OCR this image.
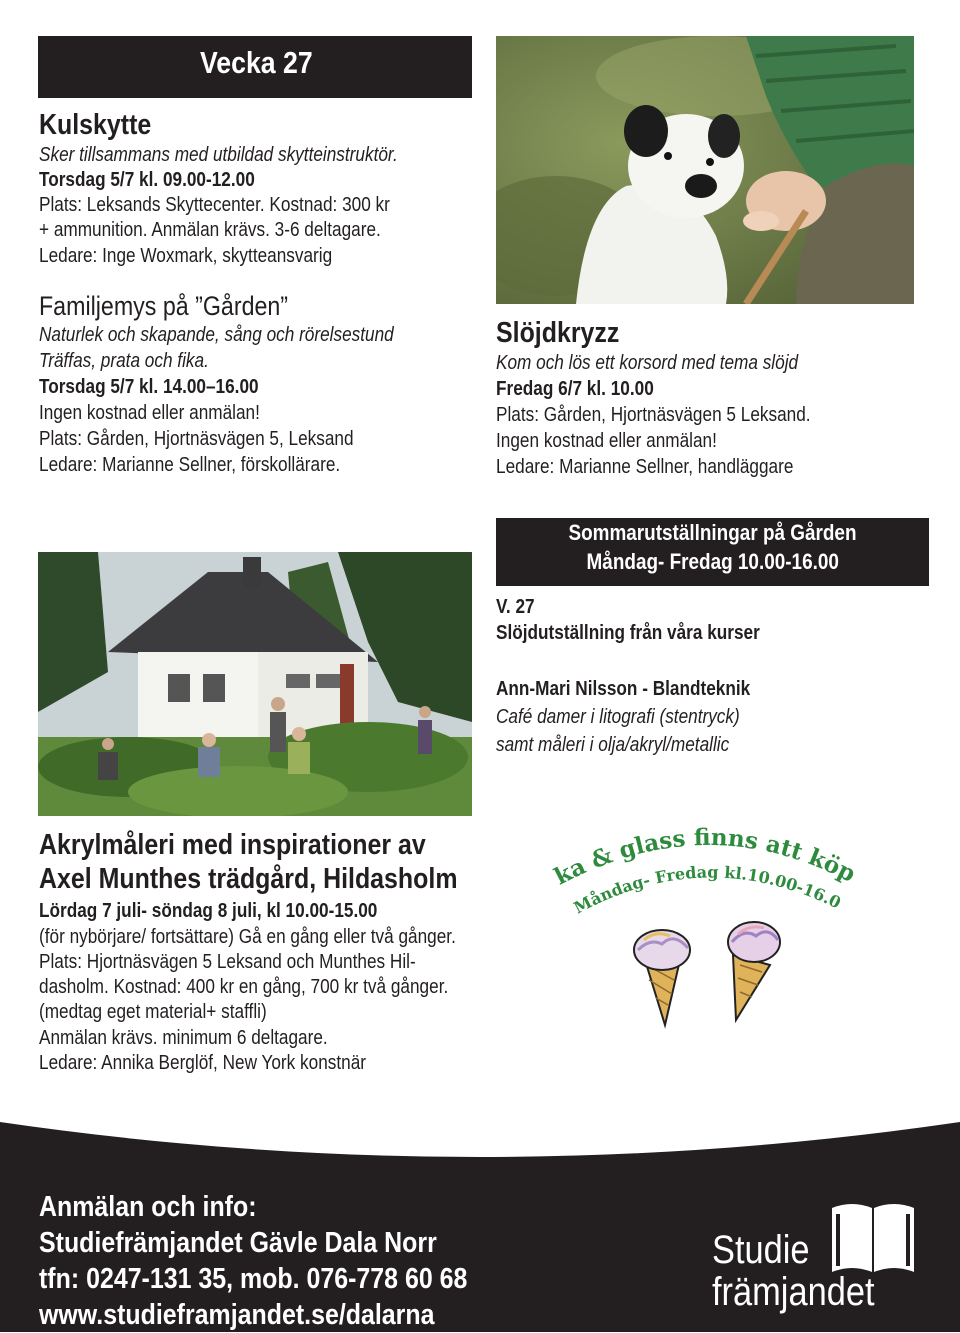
Vecka 27
Kulskytte
Sker tillsammans med utbildad skytteinstruktör.
Torsdag 5/7 kl. 09.00-12.00
Plats: Leksands Skyttecenter. Kostnad: 300 kr
+ ammunition. Anmälan krävs. 3-6 deltagare.
Ledare: Inge Woxmark, skytteansvarig
Familjemys på ”Gården”
Naturlek och skapande, sång och rörelsestund
Träffas, prata och fika.
Torsdag 5/7 kl. 14.00–16.00
Ingen kostnad eller anmälan!
Plats: Gården, Hjortnäsvägen 5, Leksand
Ledare: Marianne Sellner, förskollärare.
Slöjdkryzz
Kom och lös ett korsord med tema slöjd
Fredag 6/7 kl. 10.00
Plats: Gården, Hjortnäsvägen 5 Leksand.
Ingen kostnad eller anmälan!
Ledare: Marianne Sellner, handläggare
Sommarutställningar på Gården
Måndag- Fredag 10.00-16.00
V. 27
Slöjdutställning från våra kurser
Ann-Mari Nilsson - Blandteknik
Café damer i litografi (stentryck)
samt måleri i olja/akryl/metallic
Akrylmåleri med inspirationer av
Axel Munthes trädgård, Hildasholm
Lördag 7 juli- söndag 8 juli, kl 10.00-15.00
(för nybörjare/ fortsättare) Gå en gång eller två gånger.
Plats: Hjortnäsvägen 5 Leksand och Munthes Hil-
dasholm. Kostnad: 400 kr en gång, 700 kr två gånger.
(medtag eget material+ staffli)
Anmälan krävs. minimum 6 deltagare.
Ledare: Annika Berglöf, New York konstnär
ka & glass finns att köp
Måndag- Fredag kl.10.00-16.0
Anmälan och info:
Studiefrämjandet Gävle Dala Norr
tfn: 0247-131 35, mob. 076-778 60 68
www.studieframjandet.se/dalarna
Studie
främjandet
